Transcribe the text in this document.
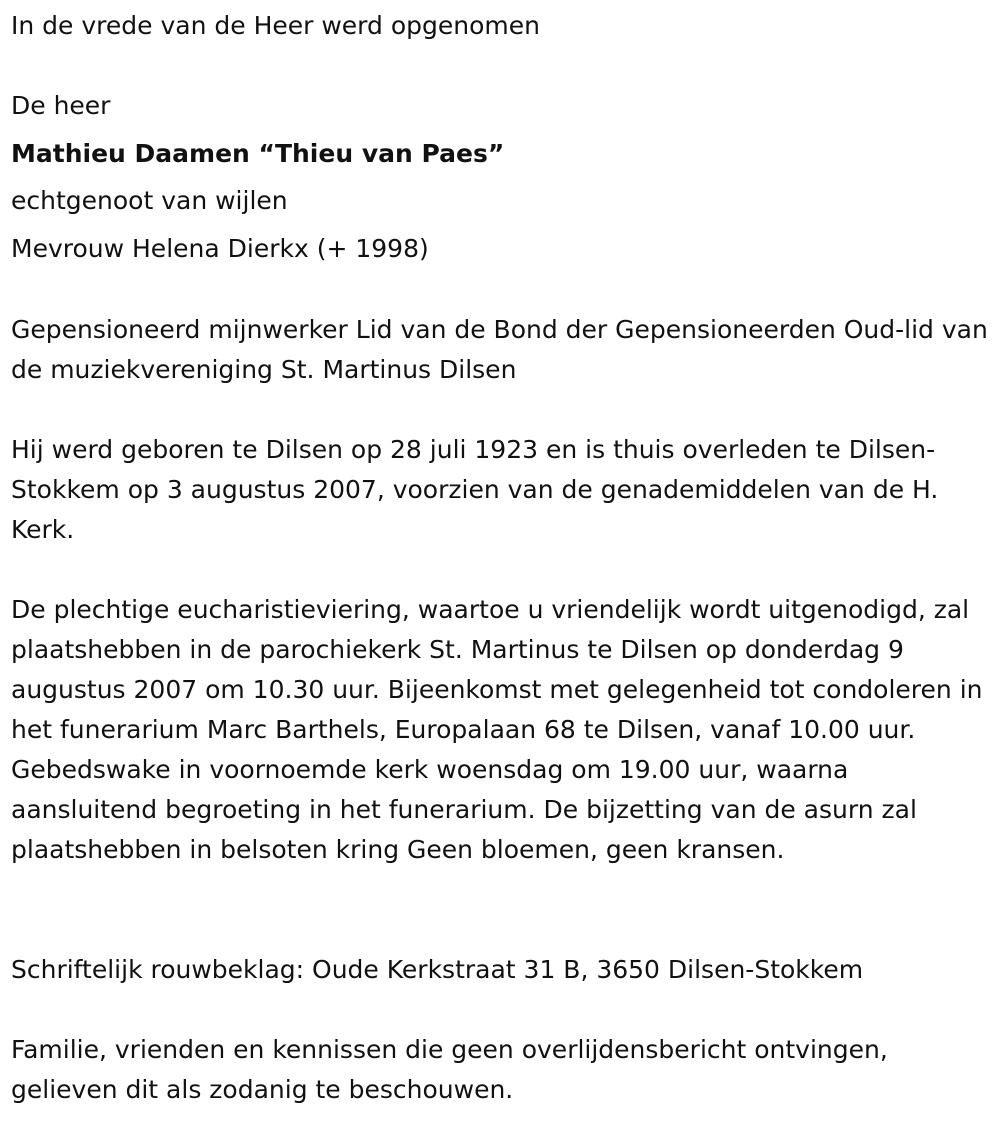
In de vrede van de Heer werd opgenomen

De heer

Mathieu Daamen “Thieu van Paes”

echtgenoot van wijlen

Mevrouw Helena Dierkx (+ 1998)

Gepensioneerd mijnwerker Lid van de Bond der Gepensioneerden Oud-lid van de muziekvereniging St. Martinus Dilsen

Hij werd geboren te Dilsen op 28 juli 1923 en is thuis overleden te Dilsen-Stokkem op 3 augustus 2007, voorzien van de genademiddelen van de H. Kerk.

De plechtige eucharistieviering, waartoe u vriendelijk wordt uitgenodigd, zal plaatshebben in de parochiekerk St. Martinus te Dilsen op donderdag 9 augustus 2007 om 10.30 uur. Bijeenkomst met gelegenheid tot condoleren in het funerarium Marc Barthels, Europalaan 68 te Dilsen, vanaf 10.00 uur. Gebedswake in voornoemde kerk woensdag om 19.00 uur, waarna aansluitend begroeting in het funerarium. De bijzetting van de asurn zal plaatshebben in belsoten kring Geen bloemen, geen kransen.

Schriftelijk rouwbeklag: Oude Kerkstraat 31 B, 3650 Dilsen-Stokkem

Familie, vrienden en kennissen die geen overlijdensbericht ontvingen, gelieven dit als zodanig te beschouwen.
